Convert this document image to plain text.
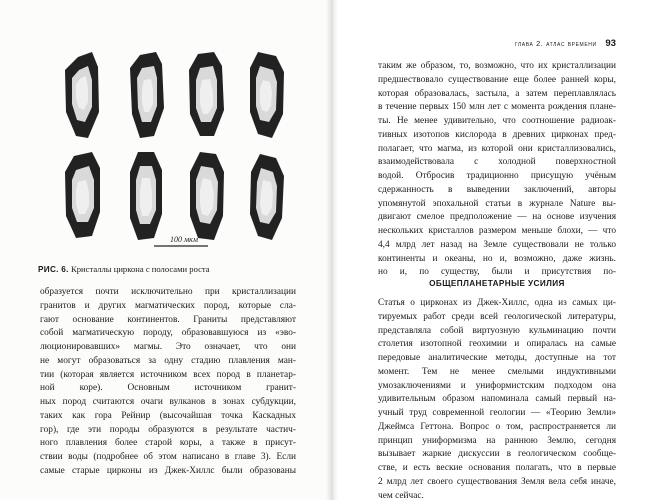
100 мкм
РИС. 6. Кристаллы циркона с полосами роста
образуется почти исключительно при кристаллизации
гранитов и других магматических пород, которые сла-
гают основание континентов. Граниты представляют
собой магматическую породу, образовавшуюся из «эво-
люционировавших» магмы. Это означает, что они
не могут образоваться за одну стадию плавления ман-
тии (которая является источником всех пород в планетар-
ной коре). Основным источником гранит-
ных пород считаются очаги вулканов в зонах субдукции,
таких как гора Рейнир (высочайшая точка Каскадных
гор), где эти породы образуются в результате частич-
ного плавления более старой коры, а также в присут-
ствии воды (подробнее об этом написано в главе 3). Если
самые старые цирконы из Джек-Хиллс были образованы
глава 2. атлас времени 93
таким же образом, то, возможно, что их кристаллизации
предшествовало существование еще более ранней коры,
которая образовалась, застыла, а затем переплавлялась
в течение первых 150 млн лет с момента рождения плане-
ты. Не менее удивительно, что соотношение радиоак-
тивных изотопов кислорода в древних цирконах пред-
полагает, что магма, из которой они кристаллизовались,
взаимодействовала с холодной поверхностной
водой. Отбросив традиционно присущую учёным
сдержанность в выведении заключений, авторы
упомянутой эпохальной статьи в журнале Nature вы-
двигают смелое предположение — на основе изучения
нескольких кристаллов размером меньше блохи, — что
4,4 млрд лет назад на Земле существовали не только
континенты и океаны, но и, возможно, даже жизнь.
но и, по существу, были и присутствия по-
ОБЩЕПЛАНЕТАРНЫЕ УСИЛИЯ
Статья о цирконах из Джек-Хиллс, одна из самых ци-
тируемых работ среди всей геологической литературы,
представляла собой виртуозную кульминацию почти
столетия изотопной геохимии и опиралась на самые
передовые аналитические методы, доступные на тот
момент. Тем не менее смелыми индуктивными
умозаключениями и униформистским подходом она
удивительным образом напоминала самый первый на-
учный труд современной геологии — «Теорию Земли»
Джеймса Геттона. Вопрос о том, распространяется ли
принцип униформизма на раннюю Землю, сегодня
вызывает жаркие дискуссии в геологическом сообще-
стве, и есть веские основания полагать, что в первые
2 млрд лет своего существования Земля вела себя иначе,
чем сейчас.
